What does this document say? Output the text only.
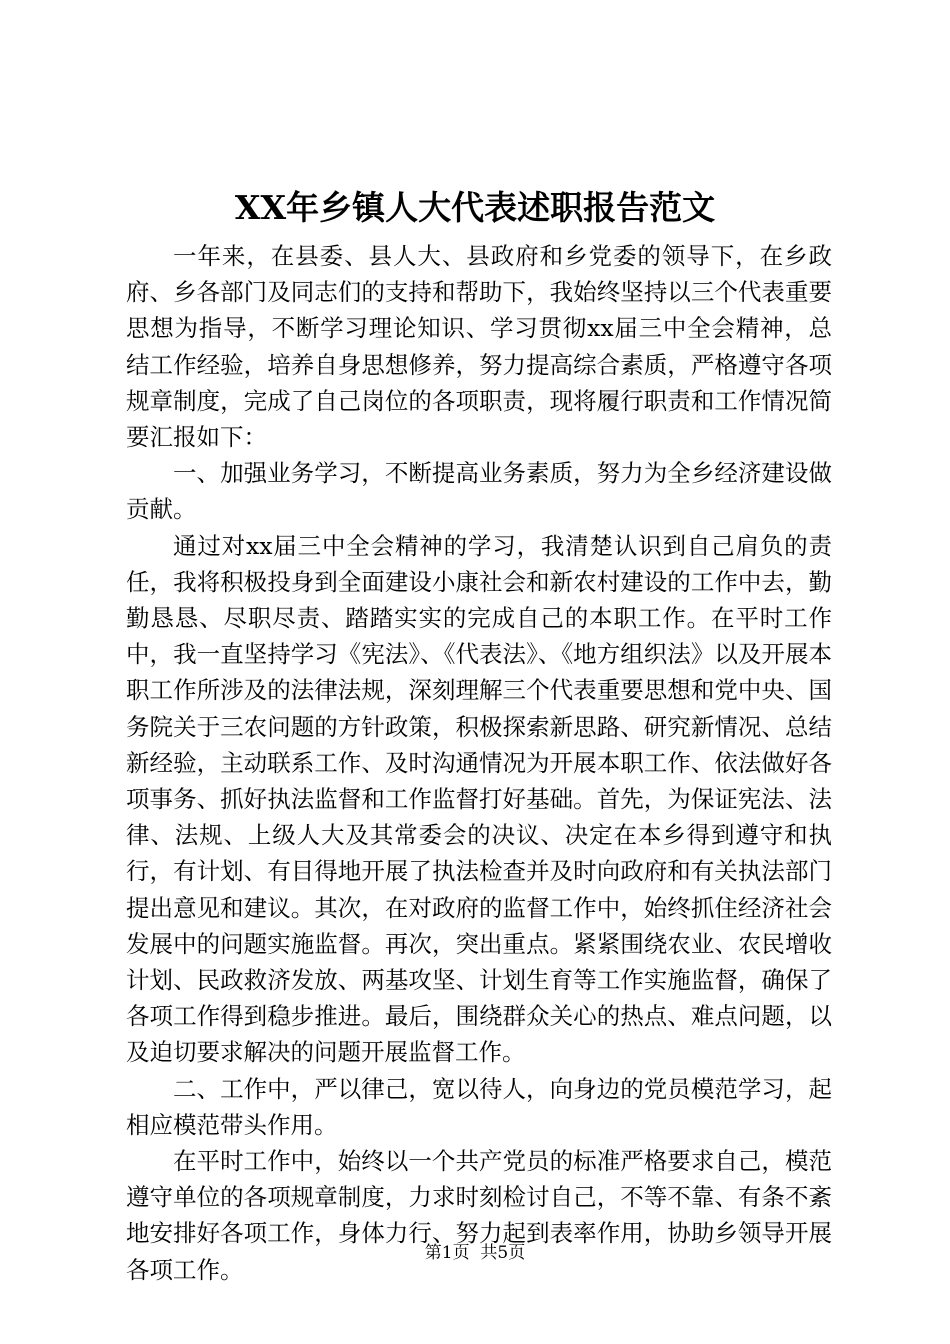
XX年乡镇人大代表述职报告范文

一年来，在县委、县人大、县政府和乡党委的领导下，在乡政府、乡各部门及同志们的支持和帮助下，我始终坚持以三个代表重要思想为指导，不断学习理论知识、学习贯彻xx届三中全会精神，总结工作经验，培养自身思想修养，努力提高综合素质，严格遵守各项规章制度，完成了自己岗位的各项职责，现将履行职责和工作情况简要汇报如下：

一、加强业务学习，不断提高业务素质，努力为全乡经济建设做贡献。

通过对xx届三中全会精神的学习，我清楚认识到自己肩负的责任，我将积极投身到全面建设小康社会和新农村建设的工作中去，勤勤恳恳、尽职尽责、踏踏实实的完成自己的本职工作。在平时工作中，我一直坚持学习《宪法》、《代表法》、《地方组织法》以及开展本职工作所涉及的法律法规，深刻理解三个代表重要思想和党中央、国务院关于三农问题的方针政策，积极探索新思路、研究新情况、总结新经验，主动联系工作、及时沟通情况为开展本职工作、依法做好各项事务、抓好执法监督和工作监督打好基础。首先，为保证宪法、法律、法规、上级人大及其常委会的决议、决定在本乡得到遵守和执行，有计划、有目得地开展了执法检查并及时向政府和有关执法部门提出意见和建议。其次，在对政府的监督工作中，始终抓住经济社会发展中的问题实施监督。再次，突出重点。紧紧围绕农业、农民增收计划、民政救济发放、两基攻坚、计划生育等工作实施监督，确保了各项工作得到稳步推进。最后，围绕群众关心的热点、难点问题，以及迫切要求解决的问题开展监督工作。

二、工作中，严以律己，宽以待人，向身边的党员模范学习，起相应模范带头作用。

在平时工作中，始终以一个共产党员的标准严格要求自己，模范遵守单位的各项规章制度，力求时刻检讨自己，不等不靠、有条不紊地安排好各项工作，身体力行、努力起到表率作用，协助乡领导开展各项工作。

第1页  共5页
